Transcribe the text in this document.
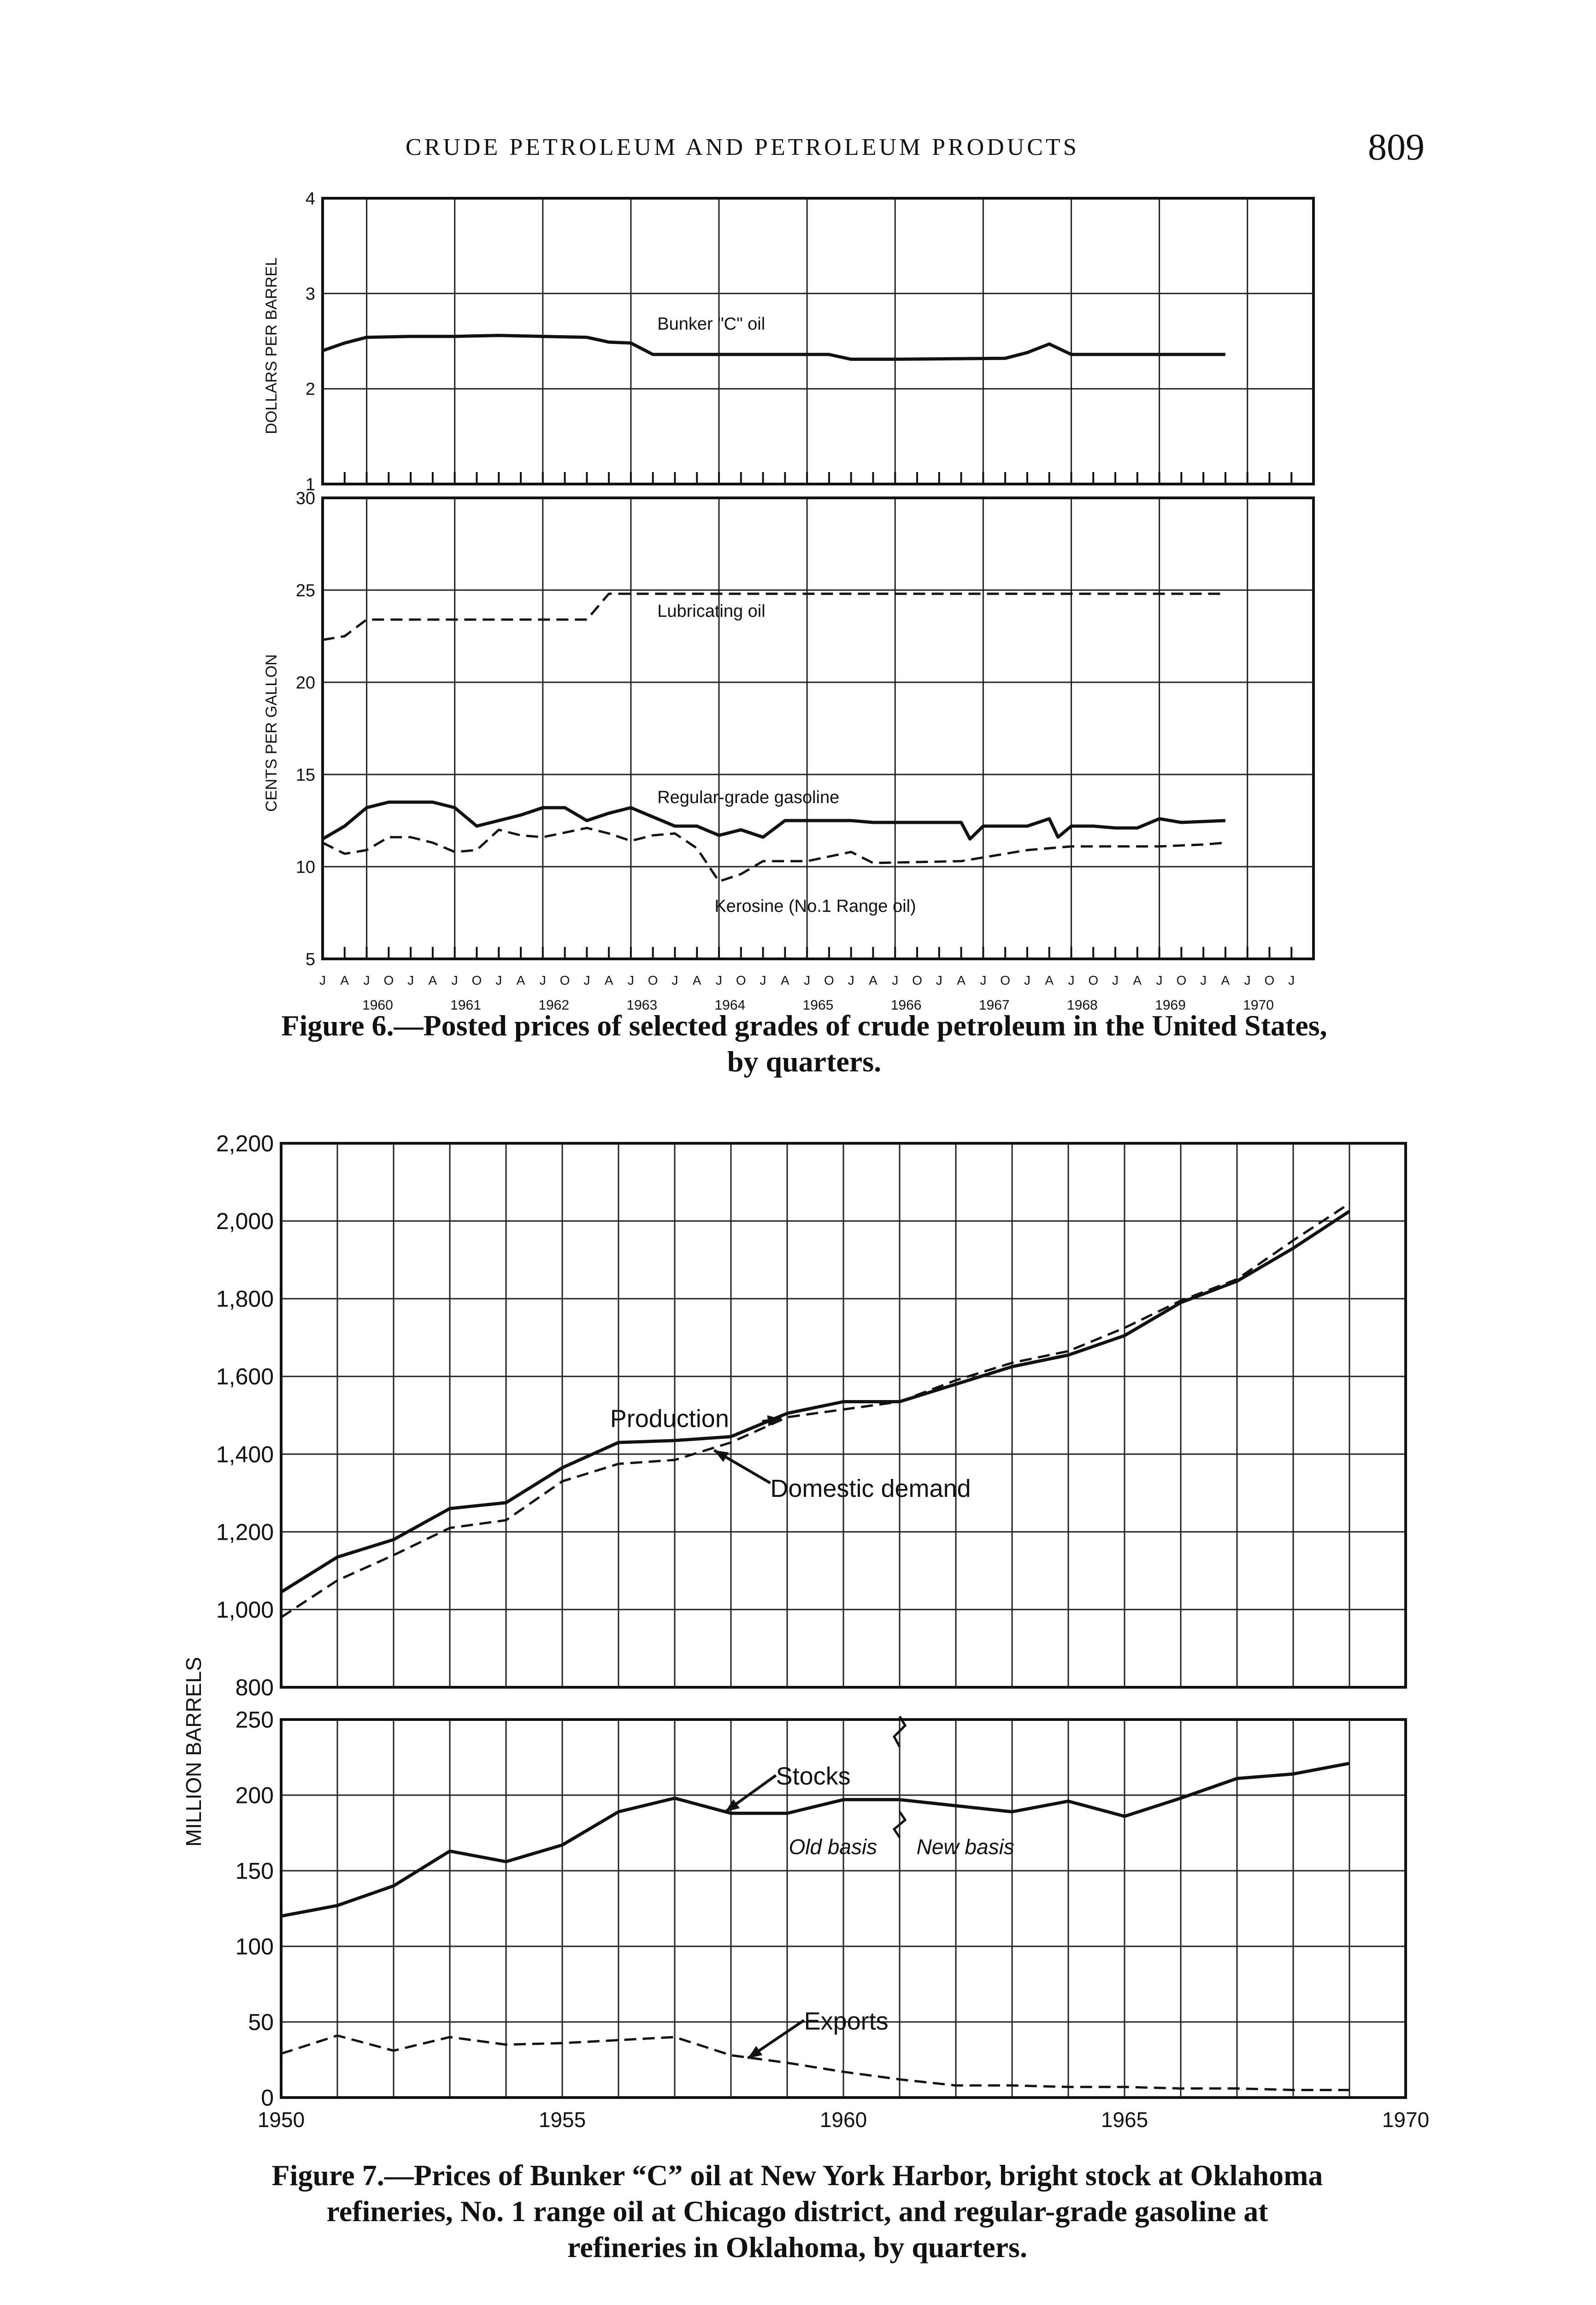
CRUDE PETROLEUM AND PETROLEUM PRODUCTS	809
1
2
3
4
5
10
15
20
25
30
J A J O J A J O J A J O J A J O J A J O J A J O J A J O J A J O J A J O J A J O J A J O J
1960	1961	1962	1963	1964	1965	1966	1967	1968	1969	1970
DOLLARS PER BARREL
CENTS PER GALLON
Bunker "C" oil
Lubricating oil
Regular-grade gasoline
Kerosine (No.1 Range oil)
Figure 6.—Posted prices of selected grades of crude petroleum in the United States,
by quarters.
800
1,000
1,200
1,400
1,600
1,800
2,000
2,200
0
50
100
150
200
250
1950	1955	1960	1965	1970
MILLION BARRELS
Production
Domestic demand
Stocks
Exports
Old basis New basis
Figure 7.—Prices of Bunker “C” oil at New York Harbor, bright stock at Oklahoma
refineries, No. 1 range oil at Chicago district, and regular-grade gasoline at
refineries in Oklahoma, by quarters.
